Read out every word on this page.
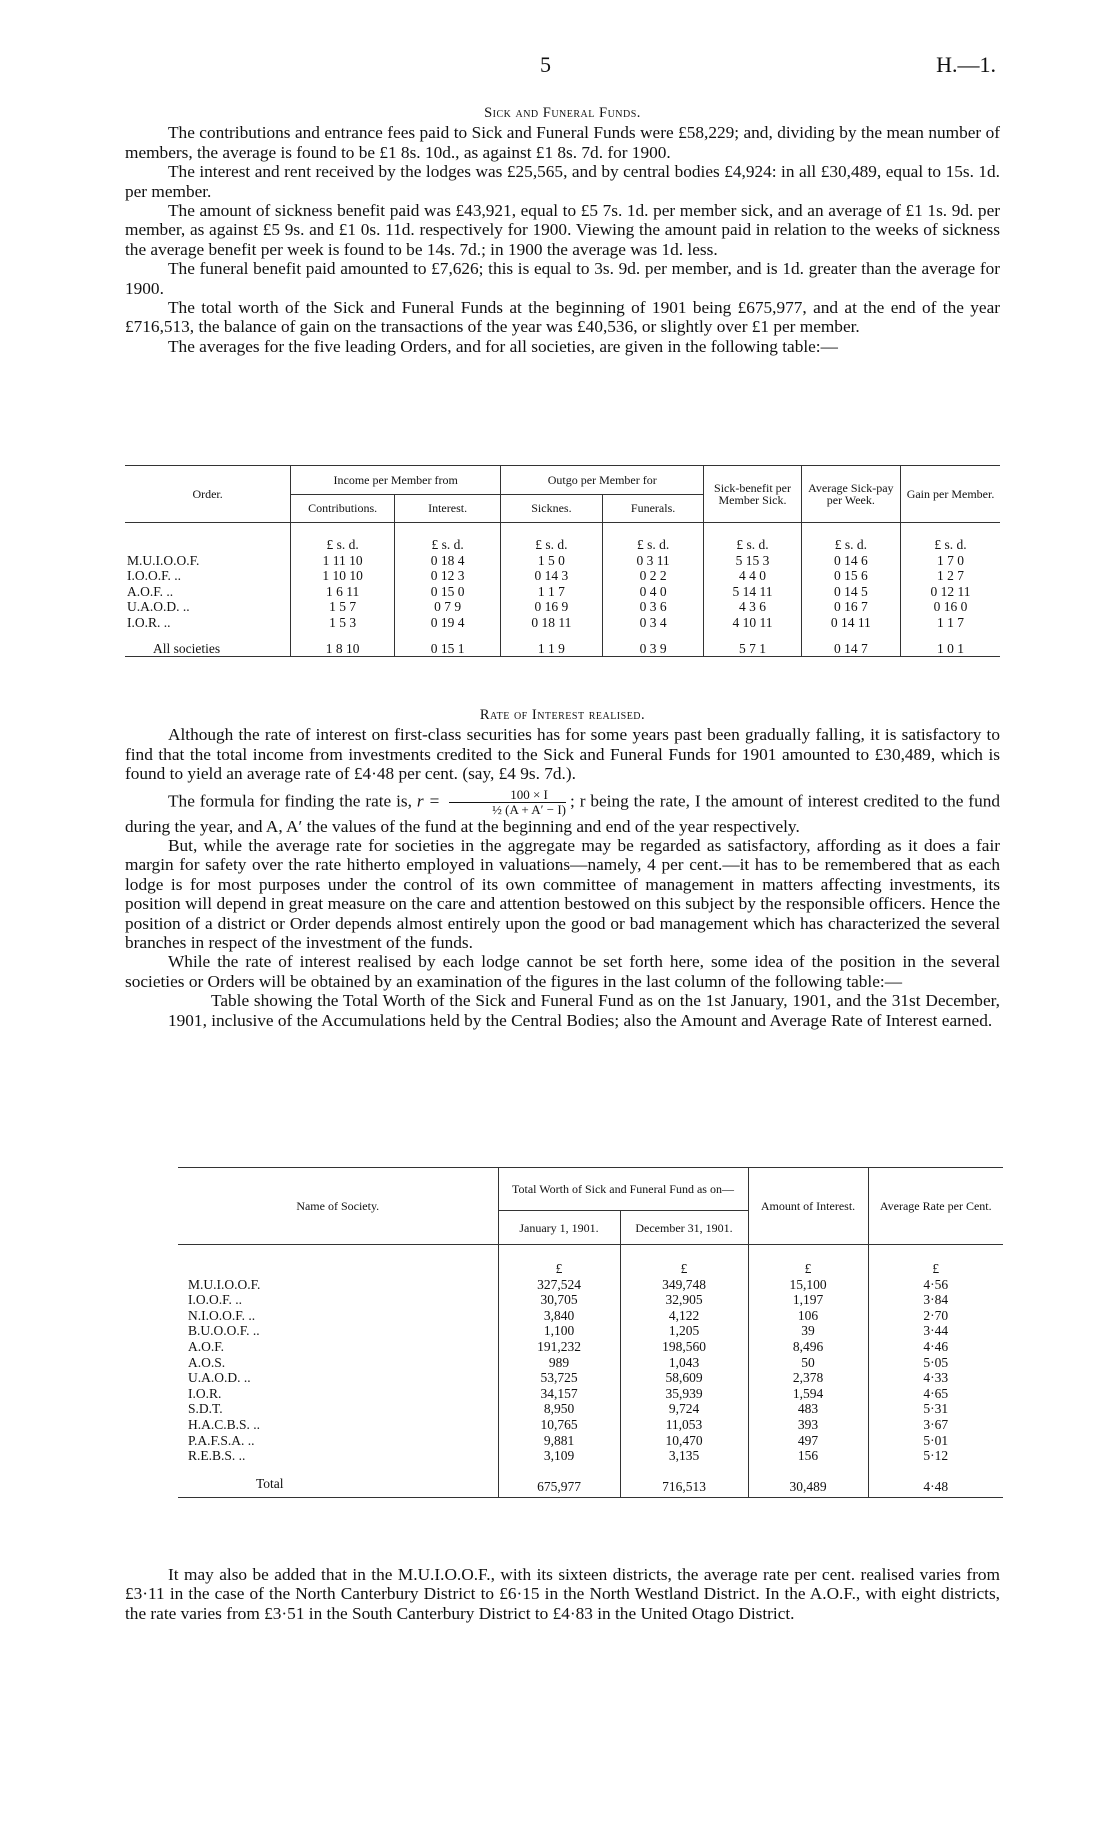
5	H.—1.

Sick and Funeral Funds.

The contributions and entrance fees paid to Sick and Funeral Funds were £58,229; and, dividing by the mean number of members, the average is found to be £1 8s. 10d., as against £1 8s. 7d. for 1900.

The interest and rent received by the lodges was £25,565, and by central bodies £4,924: in all £30,489, equal to 15s. 1d. per member.

The amount of sickness benefit paid was £43,921, equal to £5 7s. 1d. per member sick, and an average of £1 1s. 9d. per member, as against £5 9s. and £1 0s. 11d. respectively for 1900. Viewing the amount paid in relation to the weeks of sickness the average benefit per week is found to be 14s. 7d.; in 1900 the average was 1d. less.

The funeral benefit paid amounted to £7,626; this is equal to 3s. 9d. per member, and is 1d. greater than the average for 1900.

The total worth of the Sick and Funeral Funds at the beginning of 1901 being £675,977, and at the end of the year £716,513, the balance of gain on the transactions of the year was £40,536, or slightly over £1 per member.

The averages for the five leading Orders, and for all societies, are given in the following table:—

Order.	Income per Member from		Outgo per Member for		Sick-benefit per Member Sick.	Average Sick-pay per Week.	Gain per Member.
	Contributions.	Interest.	Sicknes.	Funerals.			
	£ s. d.	£ s. d.	£ s. d.	£ s. d.	£ s. d.	£ s. d.	£ s. d.
M.U.I.O.O.F.	1 11 10	0 18 4	1 5 0	0 3 11	5 15 3	0 14 6	1 7 0
I.O.O.F. ..	1 10 10	0 12 3	0 14 3	0 2 2	4 4 0	0 15 6	1 2 7
A.O.F. ..	1 6 11	0 15 0	1 1 7	0 4 0	5 14 11	0 14 5	0 12 11
U.A.O.D. ..	1 5 7	0 7 9	0 16 9	0 3 6	4 3 6	0 16 7	0 16 0
I.O.R. ..	1 5 3	0 19 4	0 18 11	0 3 4	4 10 11	0 14 11	1 1 7
All societies	1 8 10	0 15 1	1 1 9	0 3 9	5 7 1	0 14 7	1 0 1

Rate of Interest realised.

Although the rate of interest on first-class securities has for some years past been gradually falling, it is satisfactory to find that the total income from investments credited to the Sick and Funeral Funds for 1901 amounted to £30,489, which is found to yield an average rate of £4·48 per cent. (say, £4 9s. 7d.).

The formula for finding the rate is, $r = \frac{100 \times I}{\text{½ (A + A′ − I)}}$ ; r being the rate, I the amount of interest credited to the fund during the year, and A, A′ the values of the fund at the beginning and end of the year respectively.

But, while the average rate for societies in the aggregate may be regarded as satisfactory, affording as it does a fair margin for safety over the rate hitherto employed in valuations—namely, 4 per cent.—it has to be remembered that as each lodge is for most purposes under the control of its own committee of management in matters affecting investments, its position will depend in great measure on the care and attention bestowed on this subject by the responsible officers. Hence the position of a district or Order depends almost entirely upon the good or bad management which has characterized the several branches in respect of the investment of the funds.

While the rate of interest realised by each lodge cannot be set forth here, some idea of the position in the several societies or Orders will be obtained by an examination of the figures in the last column of the following table:—

Table showing the Total Worth of the Sick and Funeral Fund as on the 1st January, 1901, and the 31st December, 1901, inclusive of the Accumulations held by the Central Bodies; also the Amount and Average Rate of Interest earned.

Name of Society.	Total Worth of Sick and Funeral Fund as on—		Amount of Interest.	Average Rate per Cent.
	January 1, 1901.	December 31, 1901.		
	£	£	£	£
M.U.I.O.O.F.	327,524	349,748	15,100	4·56
I.O.O.F. ..	30,705	32,905	1,197	3·84
N.I.O.O.F. ..	3,840	4,122	106	2·70
B.U.O.O.F. ..	1,100	1,205	39	3·44
A.O.F.	191,232	198,560	8,496	4·46
A.O.S.	989	1,043	50	5·05
U.A.O.D. ..	53,725	58,609	2,378	4·33
I.O.R.	34,157	35,939	1,594	4·65
S.D.T.	8,950	9,724	483	5·31
H.A.C.B.S. ..	10,765	11,053	393	3·67
P.A.F.S.A. ..	9,881	10,470	497	5·01
R.E.B.S. ..	3,109	3,135	156	5·12
Total	675,977	716,513	30,489	4·48

It may also be added that in the M.U.I.O.O.F., with its sixteen districts, the average rate per cent. realised varies from £3·11 in the case of the North Canterbury District to £6·15 in the North Westland District. In the A.O.F., with eight districts, the rate varies from £3·51 in the South Canterbury District to £4·83 in the United Otago District.
